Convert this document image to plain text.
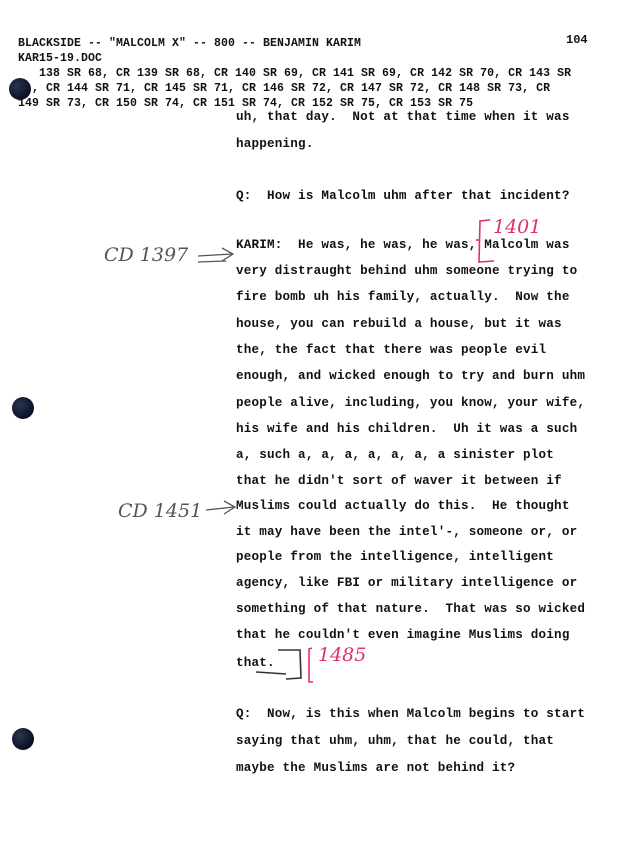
BLACKSIDE -- "MALCOLM X" -- 800 -- BENJAMIN KARIM	104
KAR15-19.DOC
138 SR 68, CR 139 SR 68, CR 140 SR 69, CR 141 SR 69, CR 142 SR 70, CR 143 SR
, CR 144 SR 71, CR 145 SR 71, CR 146 SR 72, CR 147 SR 72, CR 148 SR 73, CR
149 SR 73, CR 150 SR 74, CR 151 SR 74, CR 152 SR 75, CR 153 SR 75
uh, that day.  Not at that time when it was
happening.
Q:  How is Malcolm uhm after that incident?
KARIM:  He was, he was, he was, Malcolm was
very distraught behind uhm someone trying to
fire bomb uh his family, actually.  Now the
house, you can rebuild a house, but it was
the, the fact that there was people evil
enough, and wicked enough to try and burn uhm
people alive, including, you know, your wife,
his wife and his children.  Uh it was a such
a, such a, a, a, a, a, a, a sinister plot
that he didn't sort of waver it between if
Muslims could actually do this.  He thought
it may have been the intel'-, someone or, or
people from the intelligence, intelligent
agency, like FBI or military intelligence or
something of that nature.  That was so wicked
that he couldn't even imagine Muslims doing
that.
Q:  Now, is this when Malcolm begins to start
saying that uhm, uhm, that he could, that
maybe the Muslims are not behind it?
CD 1397
CD 1451
1401
1485
